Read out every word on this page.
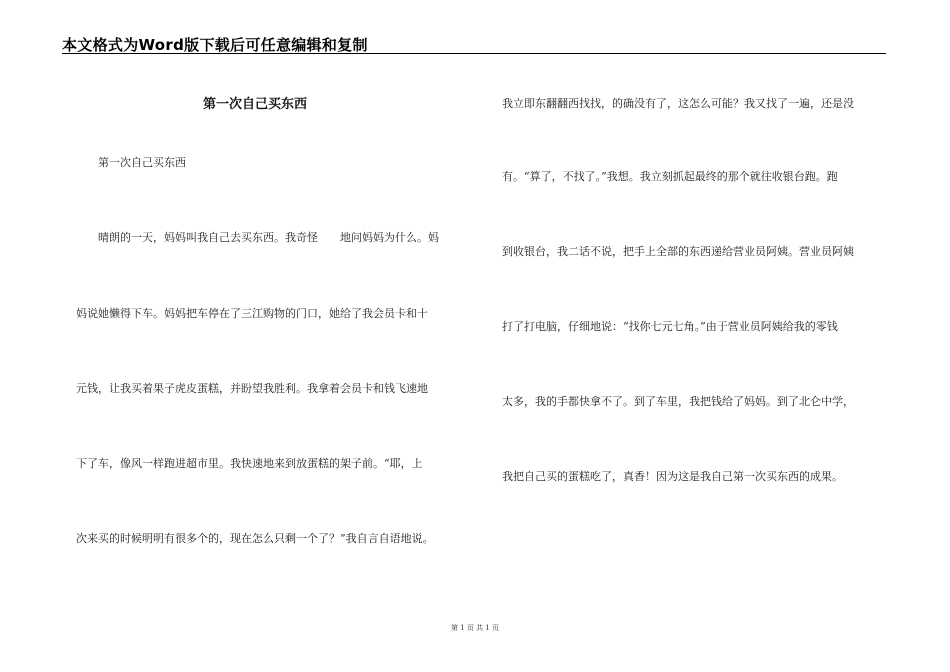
本文格式为Word版下载后可任意编辑和复制
第一次自己买东西
第一次自己买东西
晴朗的一天，妈妈叫我自己去买东西。我奇怪　　地问妈妈为什么。妈
妈说她懒得下车。妈妈把车停在了三江购物的门口，她给了我会员卡和十
元钱，让我买着果子虎皮蛋糕，并盼望我胜利。我拿着会员卡和钱飞速地
下了车，像风一样跑进超市里。我快速地来到放蛋糕的架子前。“耶，上
次来买的时候明明有很多个的，现在怎么只剩一个了？”我自言自语地说。
我立即东翻翻西找找，的确没有了，这怎么可能？我又找了一遍，还是没
有。“算了，不找了。”我想。我立刻抓起最终的那个就往收银台跑。跑
到收银台，我二话不说，把手上全部的东西递给营业员阿姨。营业员阿姨
打了打电脑，仔细地说：“找你七元七角。”由于营业员阿姨给我的零钱
太多，我的手都快拿不了。到了车里，我把钱给了妈妈。到了北仑中学，
我把自己买的蛋糕吃了，真香！因为这是我自己第一次买东西的成果。
第 1 页 共 1 页
